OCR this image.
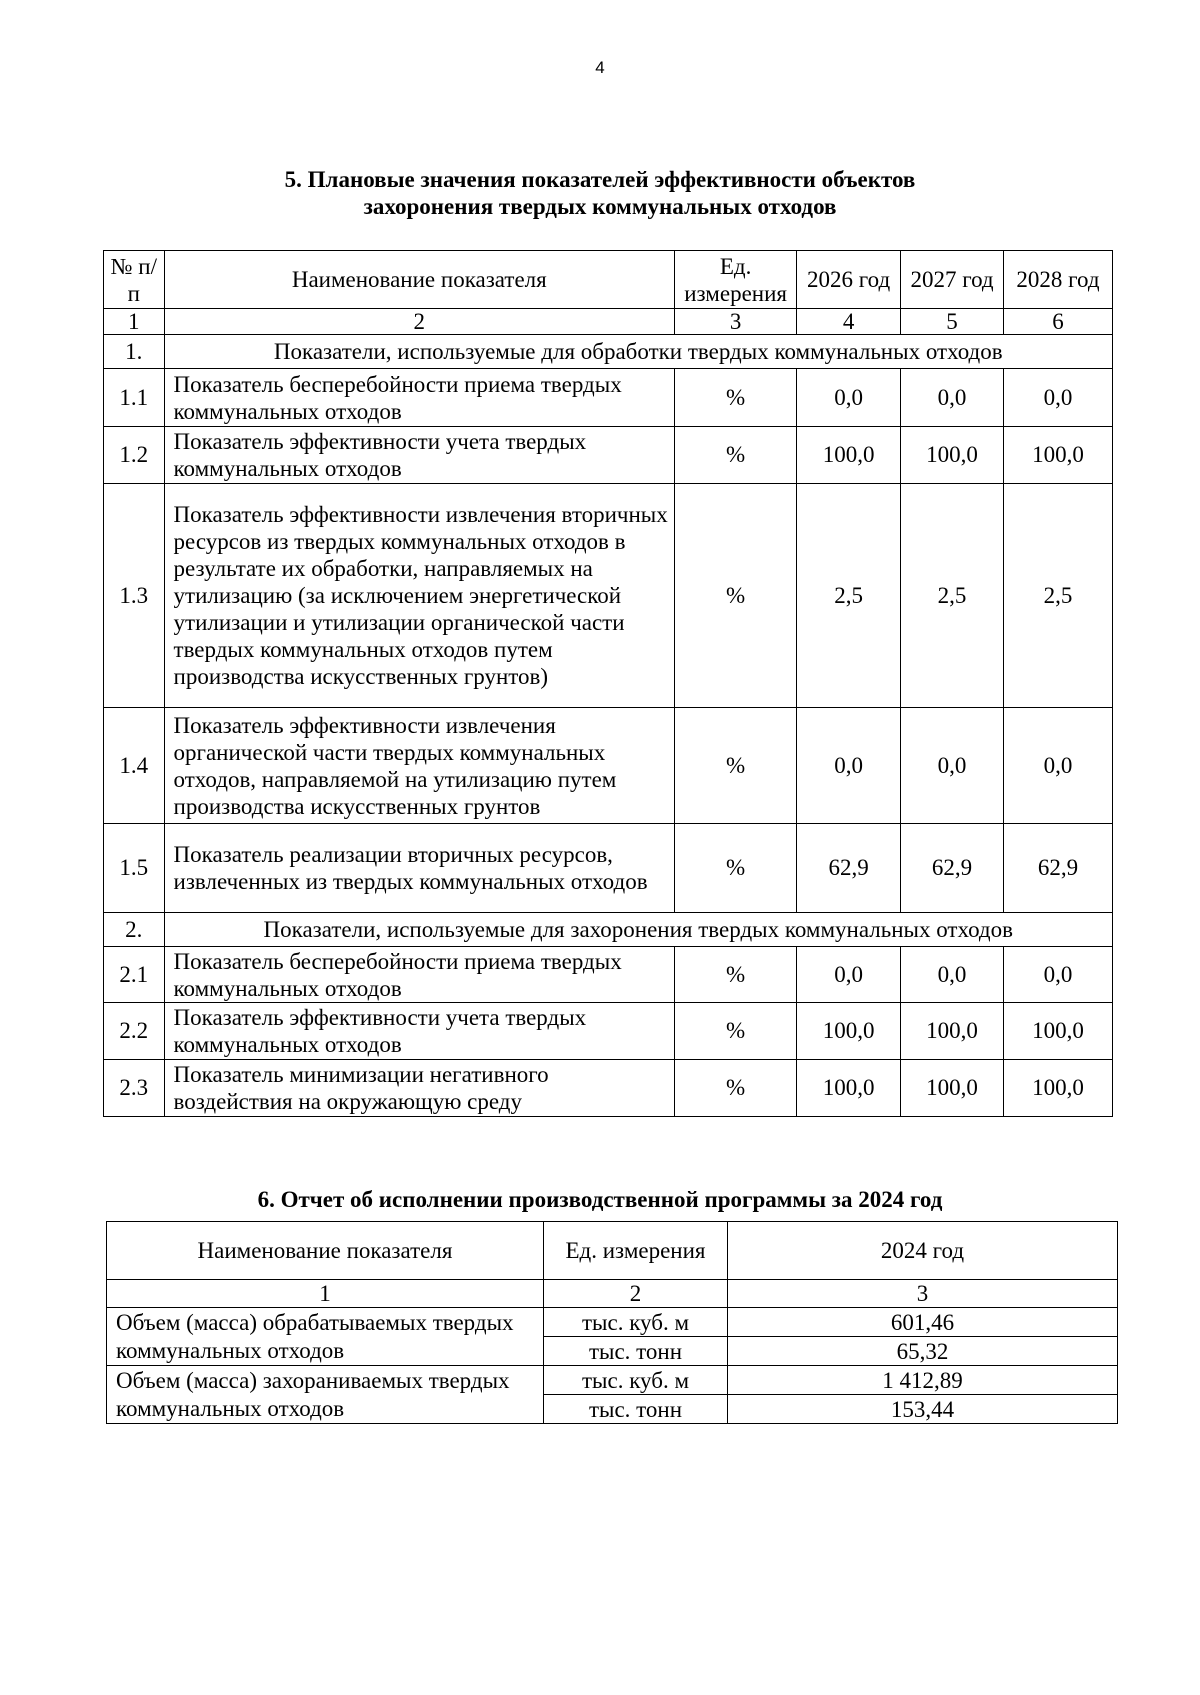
4
5. Плановые значения показателей эффективности объектов
захоронения твердых коммунальных отходов
№ п/п	Наименование показателя	Ед. измерения	2026 год	2027 год	2028 год
1	2	3	4	5	6
1.	Показатели, используемые для обработки твердых коммунальных отходов				
1.1	Показатель бесперебойности приема твердых коммунальных отходов	%	0,0	0,0	0,0
1.2	Показатель эффективности учета твердых коммунальных отходов	%	100,0	100,0	100,0
1.3	Показатель эффективности извлечения вторичных ресурсов из твердых коммунальных отходов в результате их обработки, направляемых на утилизацию (за исключением энергетической утилизации и утилизации органической части твердых коммунальных отходов путем производства искусственных грунтов)	%	2,5	2,5	2,5
1.4	Показатель эффективности извлечения органической части твердых коммунальных отходов, направляемой на утилизацию путем производства искусственных грунтов	%	0,0	0,0	0,0
1.5	Показатель реализации вторичных ресурсов, извлеченных из твердых коммунальных отходов	%	62,9	62,9	62,9
2.	Показатели, используемые для захоронения твердых коммунальных отходов				
2.1	Показатель бесперебойности приема твердых коммунальных отходов	%	0,0	0,0	0,0
2.2	Показатель эффективности учета твердых коммунальных отходов	%	100,0	100,0	100,0
2.3	Показатель минимизации негативного воздействия на окружающую среду	%	100,0	100,0	100,0
6. Отчет об исполнении производственной программы за 2024 год
Наименование показателя	Ед. измерения	2024 год
1	2	3
Объем (масса) обрабатываемых твердых коммунальных отходов	тыс. куб. м	601,46
	тыс. тонн	65,32
Объем (масса) захораниваемых твердых коммунальных отходов	тыс. куб. м	1 412,89
	тыс. тонн	153,44
